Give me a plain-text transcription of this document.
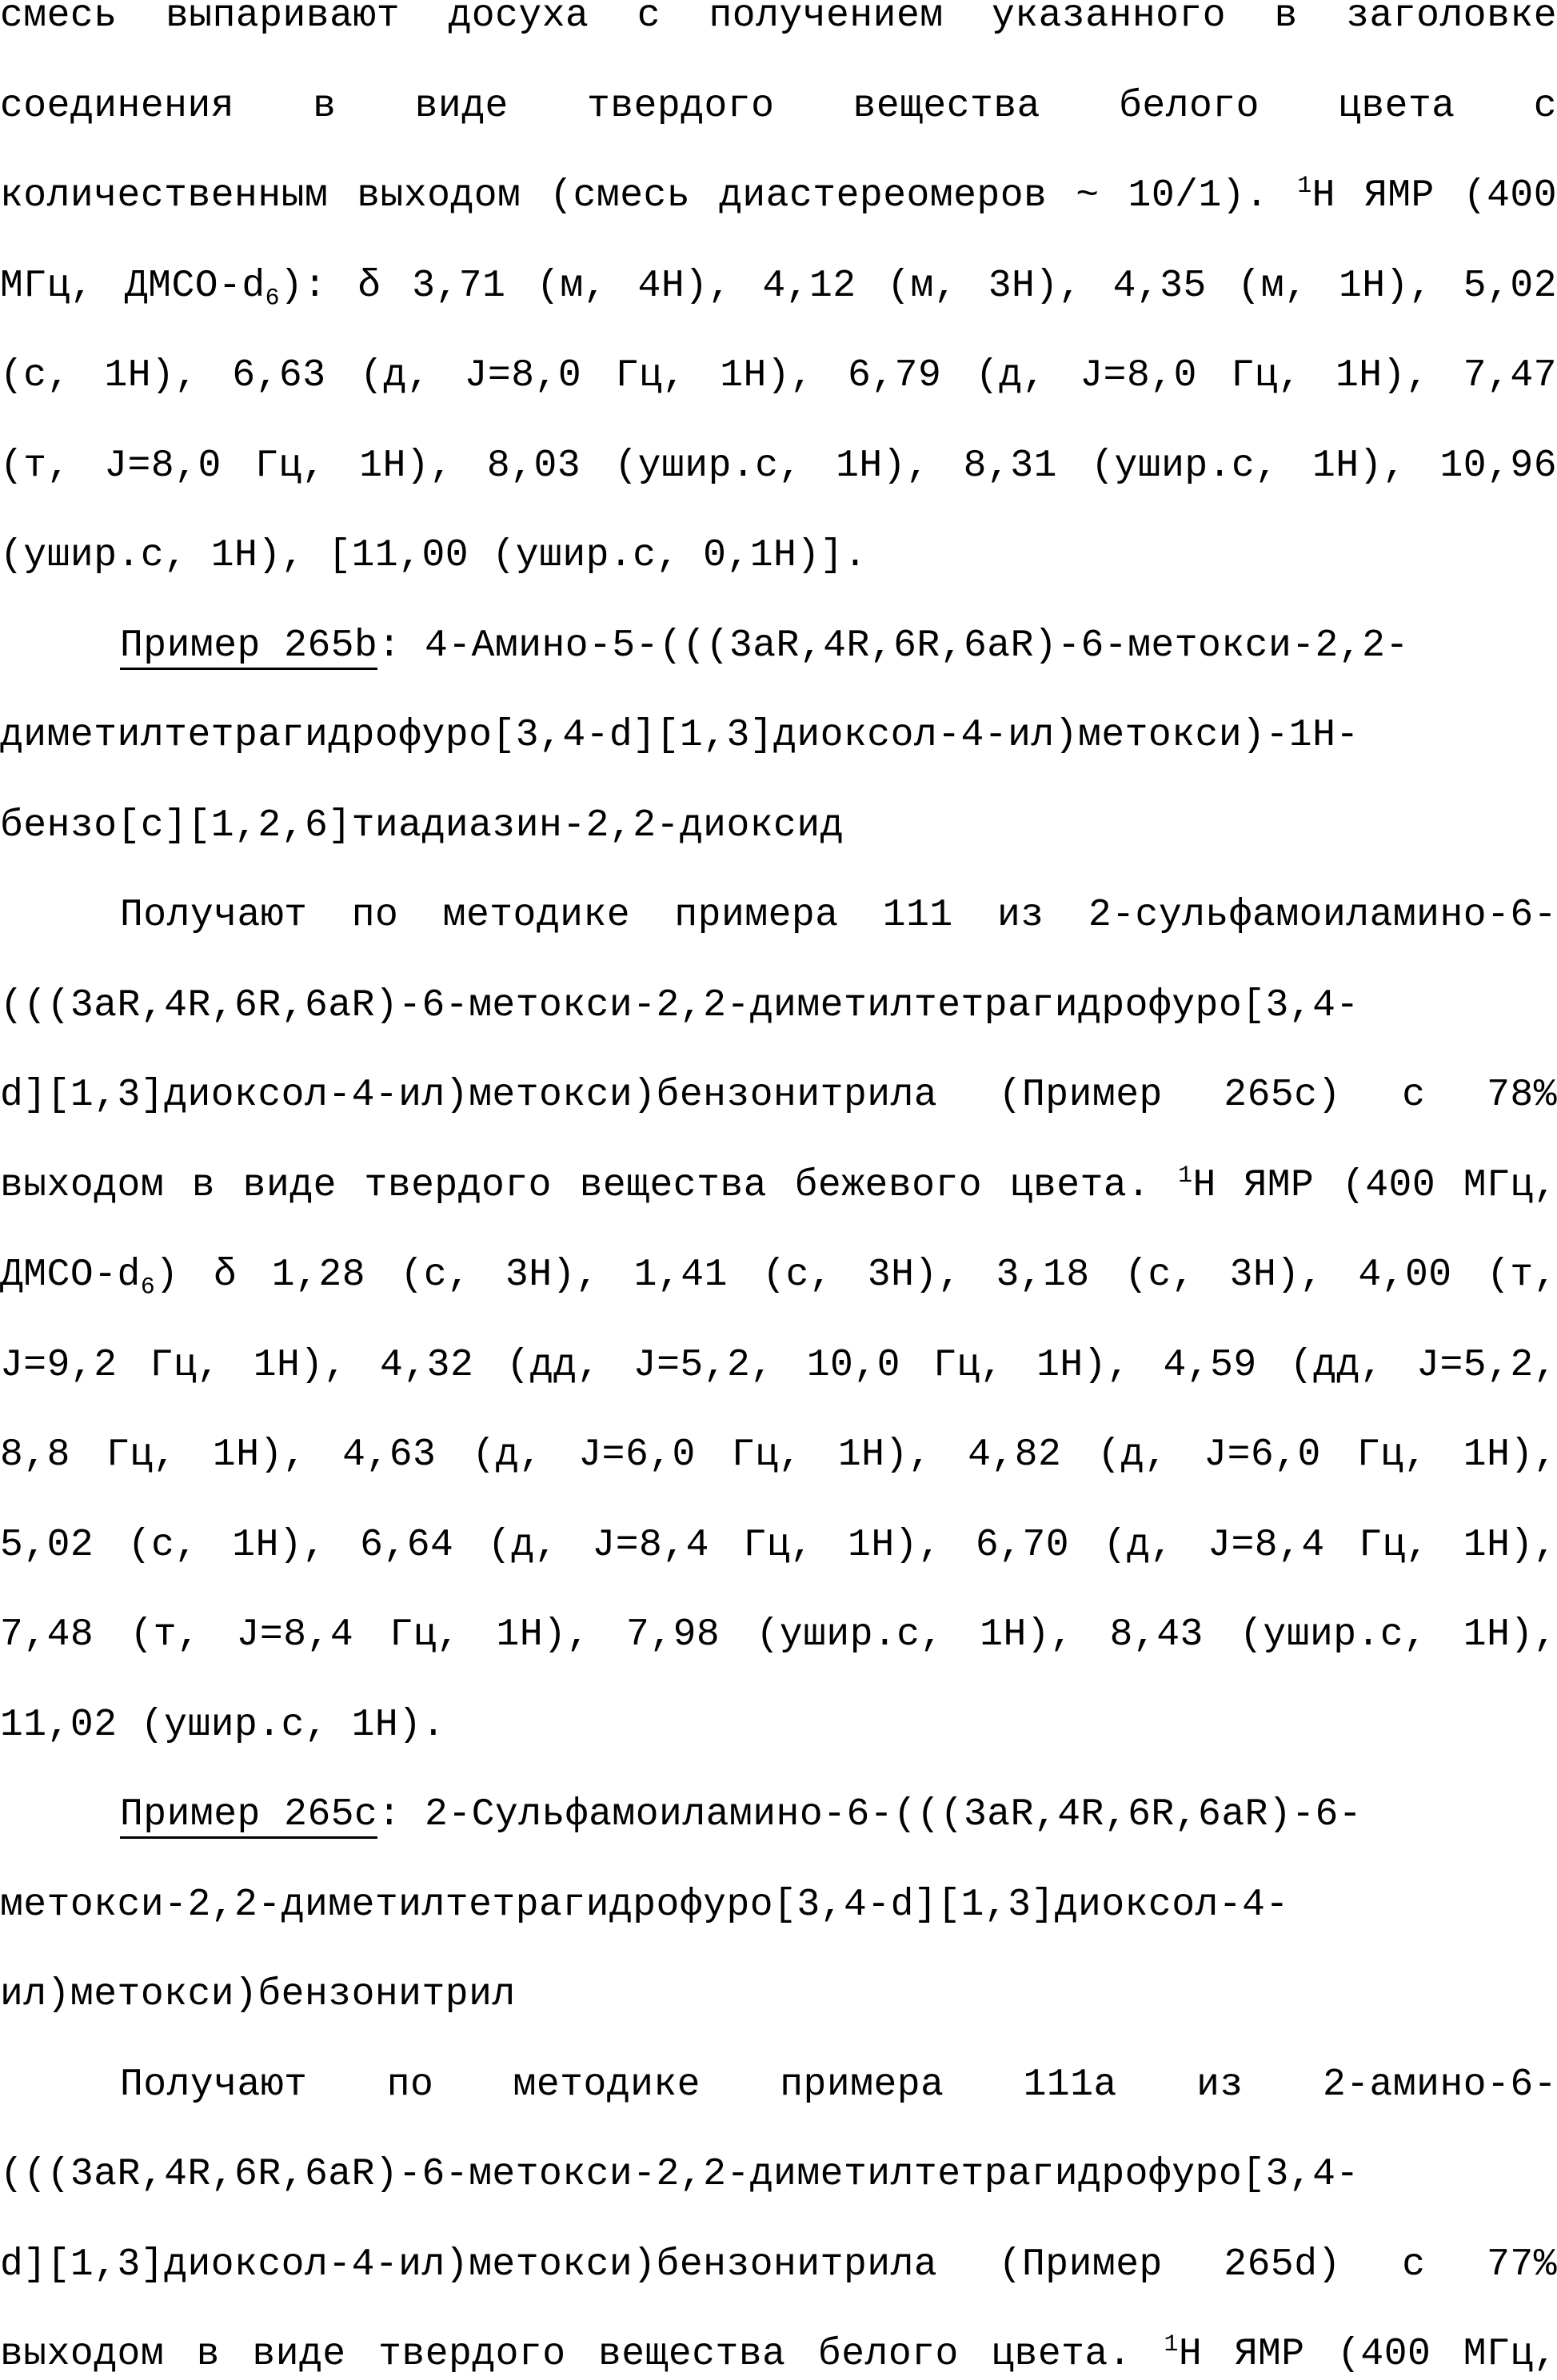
смесь выпаривают досуха с получением указанного в заголовке
соединения в виде твердого вещества белого цвета с
количественным выходом (смесь диастереомеров ~ 10/1). $^1$H ЯМР (400
МГц, ДМСО-$d_6$): δ 3,71 (м, 4H), 4,12 (м, 3H), 4,35 (м, 1H), 5,02
(с, 1H), 6,63 (д, J=8,0 Гц, 1H), 6,79 (д, J=8,0 Гц, 1H), 7,47
(т, J=8,0 Гц, 1H), 8,03 (ушир.с, 1H), 8,31 (ушир.с, 1H), 10,96
(ушир.с, 1H), [11,00 (ушир.с, 0,1H)].
Пример 265b: 4-Амино-5-(((3aR,4R,6R,6aR)-6-метокси-2,2-
диметилтетрагидрофуро[3,4-d][1,3]диоксол-4-ил)метокси)-1H-
бензо[c][1,2,6]тиадиазин-2,2-диоксид
Получают по методике примера 111 из 2-сульфамоиламино-6-
(((3aR,4R,6R,6aR)-6-метокси-2,2-диметилтетрагидрофуро[3,4-
d][1,3]диоксол-4-ил)метокси)бензонитрила (Пример 265c) с 78%
выходом в виде твердого вещества бежевого цвета. $^1$H ЯМР (400 МГц,
ДМСО-$d_6$) δ 1,28 (с, 3H), 1,41 (с, 3H), 3,18 (с, 3H), 4,00 (т,
J=9,2 Гц, 1H), 4,32 (дд, J=5,2, 10,0 Гц, 1H), 4,59 (дд, J=5,2,
8,8 Гц, 1H), 4,63 (д, J=6,0 Гц, 1H), 4,82 (д, J=6,0 Гц, 1H),
5,02 (с, 1H), 6,64 (д, J=8,4 Гц, 1H), 6,70 (д, J=8,4 Гц, 1H),
7,48 (т, J=8,4 Гц, 1H), 7,98 (ушир.с, 1H), 8,43 (ушир.с, 1H),
11,02 (ушир.с, 1H).
Пример 265c: 2-Сульфамоиламино-6-(((3aR,4R,6R,6aR)-6-
метокси-2,2-диметилтетрагидрофуро[3,4-d][1,3]диоксол-4-
ил)метокси)бензонитрил
Получают по методике примера 111a из 2-амино-6-
(((3aR,4R,6R,6aR)-6-метокси-2,2-диметилтетрагидрофуро[3,4-
d][1,3]диоксол-4-ил)метокси)бензонитрила (Пример 265d) с 77%
выходом в виде твердого вещества белого цвета. $^1$H ЯМР (400 МГц,
